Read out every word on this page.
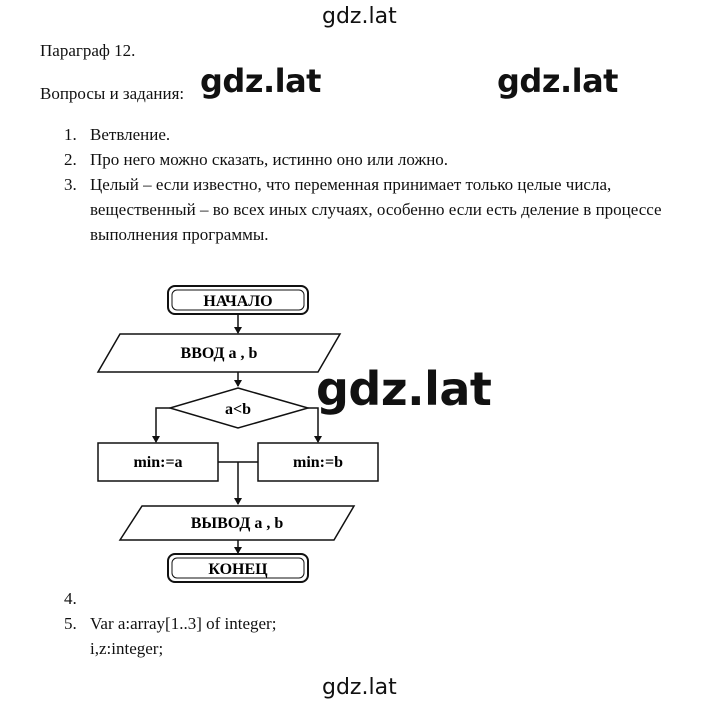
gdz.lat
Параграф 12.
Вопросы и задания: gdz.lat	gdz.lat
1. Ветвление.
2. Про него можно сказать, истинно оно или ложно.
3. Целый – если известно, что переменная принимает только целые числа, вещественный – во всех иных случаях, особенно если есть деление в процессе выполнения программы.
НАЧАЛО
ВВОД a , b
a<b
min:=a	min:=b
ВЫВОД a , b
КОНЕЦ
gdz.lat
4.
5. Var a:array[1..3] of integer;
i,z:integer;
gdz.lat
